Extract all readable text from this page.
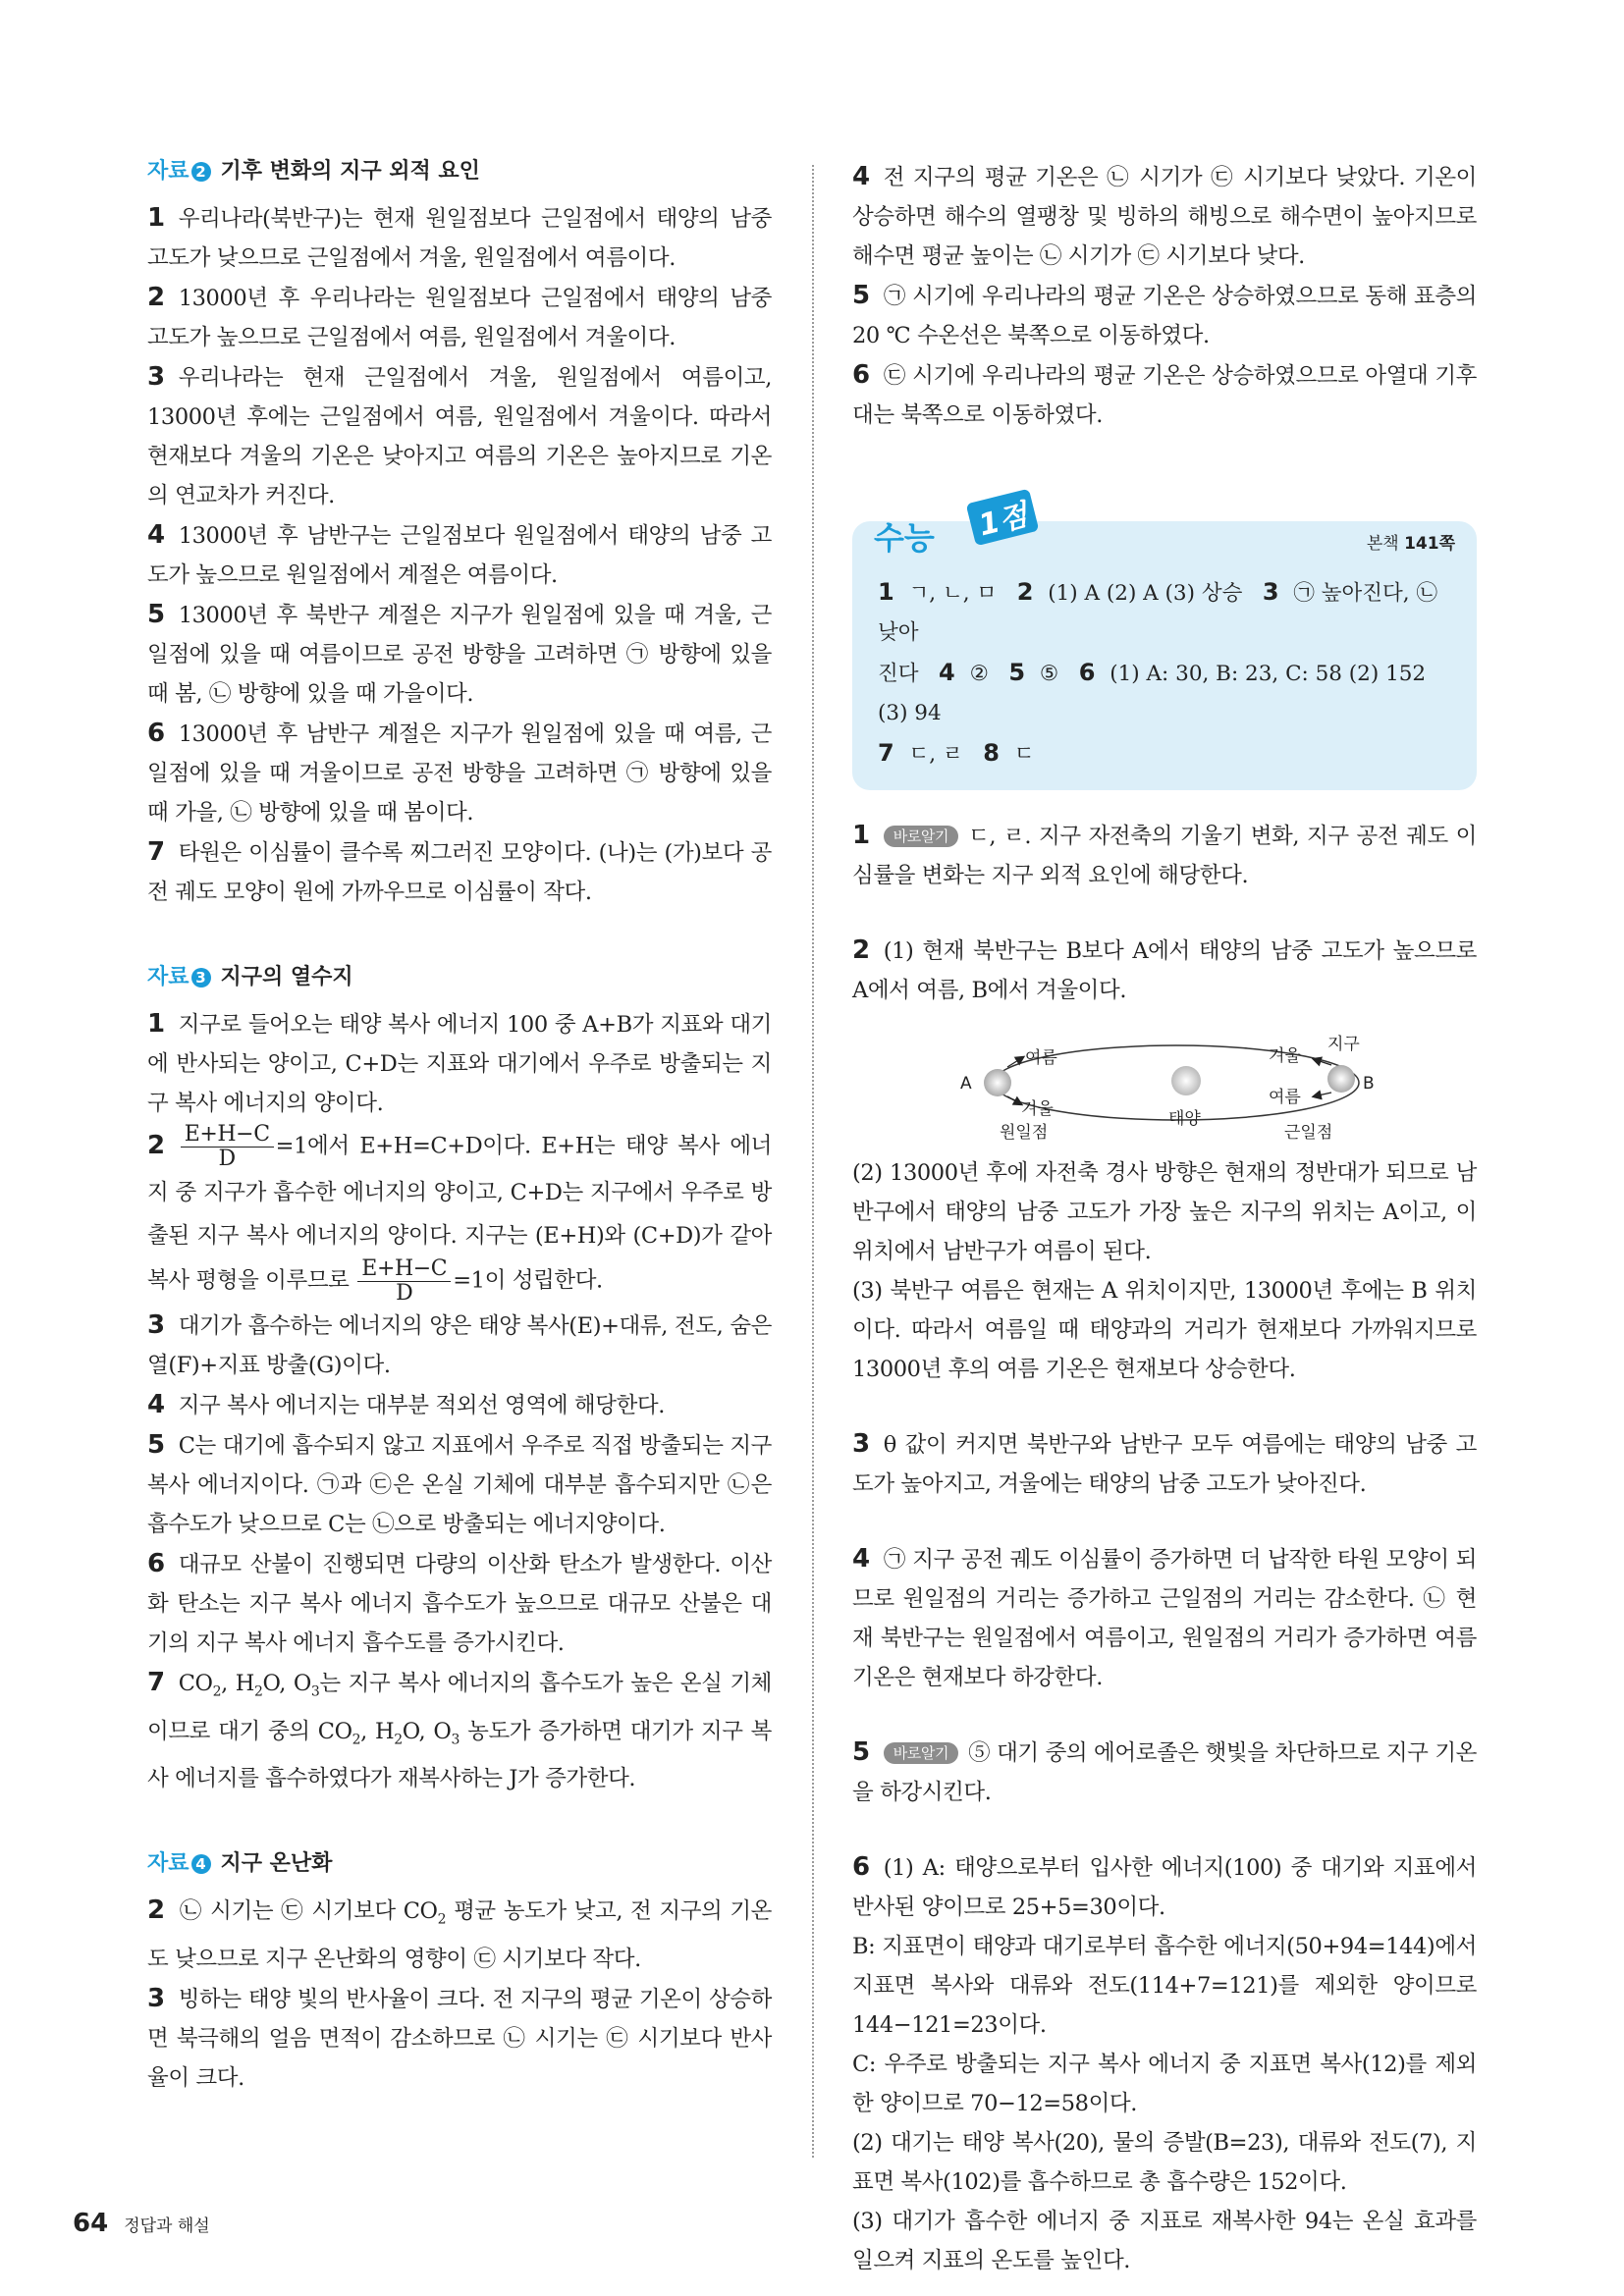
자료 2 기후 변화의 지구 외적 요인

1 우리나라(북반구)는 현재 원일점보다 근일점에서 태양의 남중 고도가 낮으므로 근일점에서 겨울, 원일점에서 여름이다.

2 13000년 후 우리나라는 원일점보다 근일점에서 태양의 남중 고도가 높으므로 근일점에서 여름, 원일점에서 겨울이다.

3 우리나라는 현재 근일점에서 겨울, 원일점에서 여름이고, 13000년 후에는 근일점에서 여름, 원일점에서 겨울이다. 따라서 현재보다 겨울의 기온은 낮아지고 여름의 기온은 높아지므로 기온의 연교차가 커진다.

4 13000년 후 남반구는 근일점보다 원일점에서 태양의 남중 고도가 높으므로 원일점에서 계절은 여름이다.

5 13000년 후 북반구 계절은 지구가 원일점에 있을 때 겨울, 근일점에 있을 때 여름이므로 공전 방향을 고려하면 ㉠ 방향에 있을 때 봄, ㉡ 방향에 있을 때 가을이다.

6 13000년 후 남반구 계절은 지구가 원일점에 있을 때 여름, 근일점에 있을 때 겨울이므로 공전 방향을 고려하면 ㉠ 방향에 있을 때 가을, ㉡ 방향에 있을 때 봄이다.

7 타원은 이심률이 클수록 찌그러진 모양이다. (나)는 (가)보다 공전 궤도 모양이 원에 가까우므로 이심률이 작다.

자료 3 지구의 열수지

1 지구로 들어오는 태양 복사 에너지 100 중 A+B가 지표와 대기에 반사되는 양이고, C+D는 지표와 대기에서 우주로 방출되는 지구 복사 에너지의 양이다.

$2 \frac{E+H-C}{D} =1$에서 E+H=C+D이다. E+H는 태양 복사 에너지 중 지구가 흡수한 에너지의 양이고, C+D는 지구에서 우주로 방출된 지구 복사 에너지의 양이다. 지구는 (E+H)와 (C+D)가 같아 복사 평형을 이루므로 $\frac{E+H-C}{D} =1$이 성립한다.

3 대기가 흡수하는 에너지의 양은 태양 복사(E)+대류, 전도, 숨은열(F)+지표 방출(G)이다.

4 지구 복사 에너지는 대부분 적외선 영역에 해당한다.

5 C는 대기에 흡수되지 않고 지표에서 우주로 직접 방출되는 지구 복사 에너지이다. ㉠과 ㉢은 온실 기체에 대부분 흡수되지만 ㉡은 흡수도가 낮으므로 C는 ㉡으로 방출되는 에너지양이다.

6 대규모 산불이 진행되면 다량의 이산화 탄소가 발생한다. 이산화 탄소는 지구 복사 에너지 흡수도가 높으므로 대규모 산불은 대기의 지구 복사 에너지 흡수도를 증가시킨다.

7 $CO_2$, $H_2O$, $O_3$는 지구 복사 에너지의 흡수도가 높은 온실 기체이므로 대기 중의 $CO_2$, $H_2O$, $O_3$ 농도가 증가하면 대기가 지구 복사 에너지를 흡수하였다가 재복사하는 J가 증가한다.

자료 4 지구 온난화

2 ㉡ 시기는 ㉢ 시기보다 $CO_2$ 평균 농도가 낮고, 전 지구의 기온도 낮으므로 지구 온난화의 영향이 ㉢ 시기보다 작다.

3 빙하는 태양 빛의 반사율이 크다. 전 지구의 평균 기온이 상승하면 북극해의 얼음 면적이 감소하므로 ㉡ 시기는 ㉢ 시기보다 반사율이 크다.

4 전 지구의 평균 기온은 ㉡ 시기가 ㉢ 시기보다 낮았다. 기온이 상승하면 해수의 열팽창 및 빙하의 해빙으로 해수면이 높아지므로 해수면 평균 높이는 ㉡ 시기가 ㉢ 시기보다 낮다.

5 ㉠ 시기에 우리나라의 평균 기온은 상승하였으므로 동해 표층의 20 ℃ 수온선은 북쪽으로 이동하였다.

6 ㉢ 시기에 우리나라의 평균 기온은 상승하였으므로 아열대 기후대는 북쪽으로 이동하였다.

수능	1점
본책 141쪽
1 ㄱ, ㄴ, ㅁ   2 (1) A (2) A (3) 상승   3 ㉠ 높아진다, ㉡ 낮아
진다   4 ②   5 ⑤   6 (1) A: 30, B: 23, C: 58 (2) 152 (3) 94
7 ㄷ, ㄹ   8 ㄷ

1 바로알기 ㄷ, ㄹ. 지구 자전축의 기울기 변화, 지구 공전 궤도 이심률을 변화는 지구 외적 요인에 해당한다.

2 (1) 현재 북반구는 B보다 A에서 태양의 남중 고도가 높으므로 A에서 여름, B에서 겨울이다.

A	B
지구
태양
원일점	근일점
여름
겨울
겨울
여름

(2) 13000년 후에 자전축 경사 방향은 현재의 정반대가 되므로 남반구에서 태양의 남중 고도가 가장 높은 지구의 위치는 A이고, 이 위치에서 남반구가 여름이 된다.

(3) 북반구 여름은 현재는 A 위치이지만, 13000년 후에는 B 위치이다. 따라서 여름일 때 태양과의 거리가 현재보다 가까워지므로 13000년 후의 여름 기온은 현재보다 상승한다.

3 θ 값이 커지면 북반구와 남반구 모두 여름에는 태양의 남중 고도가 높아지고, 겨울에는 태양의 남중 고도가 낮아진다.

4 ㉠ 지구 공전 궤도 이심률이 증가하면 더 납작한 타원 모양이 되므로 원일점의 거리는 증가하고 근일점의 거리는 감소한다. ㉡ 현재 북반구는 원일점에서 여름이고, 원일점의 거리가 증가하면 여름 기온은 현재보다 하강한다.

5 바로알기 ⑤ 대기 중의 에어로졸은 햇빛을 차단하므로 지구 기온을 하강시킨다.

6 (1) A: 태양으로부터 입사한 에너지(100) 중 대기와 지표에서 반사된 양이므로 25+5=30이다.

B: 지표면이 태양과 대기로부터 흡수한 에너지(50+94=144)에서 지표면 복사와 대류와 전도(114+7=121)를 제외한 양이므로 144−121=23이다.

C: 우주로 방출되는 지구 복사 에너지 중 지표면 복사(12)를 제외한 양이므로 70−12=58이다.

(2) 대기는 태양 복사(20), 물의 증발(B=23), 대류와 전도(7), 지표면 복사(102)를 흡수하므로 총 흡수량은 152이다.

(3) 대기가 흡수한 에너지 중 지표로 재복사한 94는 온실 효과를 일으켜 지표의 온도를 높인다.

64 정답과 해설
